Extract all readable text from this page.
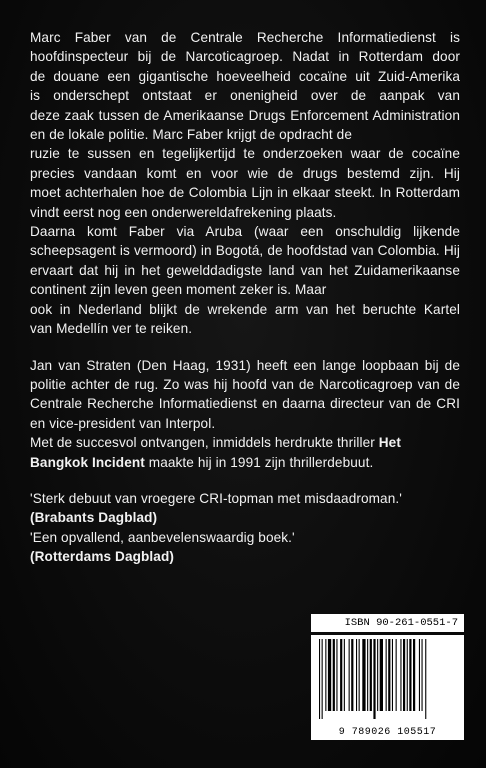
Marc Faber van de Centrale Recherche Informatiedienst is
hoofdinspecteur bij de Narcoticagroep. Nadat in Rotterdam door
de douane een gigantische hoeveelheid cocaïne uit Zuid-Amerika
is onderschept ontstaat er onenigheid over de aanpak van
deze zaak tussen de Amerikaanse Drugs Enforcement Administration en de lokale politie. Marc Faber krijgt de opdracht de
ruzie te sussen en tegelijkertijd te onderzoeken waar de cocaïne
precies vandaan komt en voor wie de drugs bestemd zijn. Hij
moet achterhalen hoe de Colombia Lijn in elkaar steekt. In Rotterdam vindt eerst nog een onderwereldafrekening plaats.
Daarna komt Faber via Aruba (waar een onschuldig lijkende
scheepsagent is vermoord) in Bogotá, de hoofdstad van Colombia. Hij ervaart dat hij in het gewelddadigste land van het Zuidamerikaanse continent zijn leven geen moment zeker is. Maar
ook in Nederland blijkt de wrekende arm van het beruchte Kartel
van Medellín ver te reiken.

Jan van Straten (Den Haag, 1931) heeft een lange loopbaan bij de politie achter de rug. Zo was hij hoofd van de Narcoticagroep van de Centrale Recherche Informatiedienst en daarna directeur van de CRI en vice-president van Interpol.

Met de succesvol ontvangen, inmiddels herdrukte thriller Het Bangkok Incident maakte hij in 1991 zijn thrillerdebuut.

'Sterk debuut van vroegere CRI-topman met misdaadroman.'
(Brabants Dagblad)
'Een opvallend, aanbevelenswaardig boek.'
(Rotterdams Dagblad)
ISBN 90-261-0551-7
9 789026 105517
